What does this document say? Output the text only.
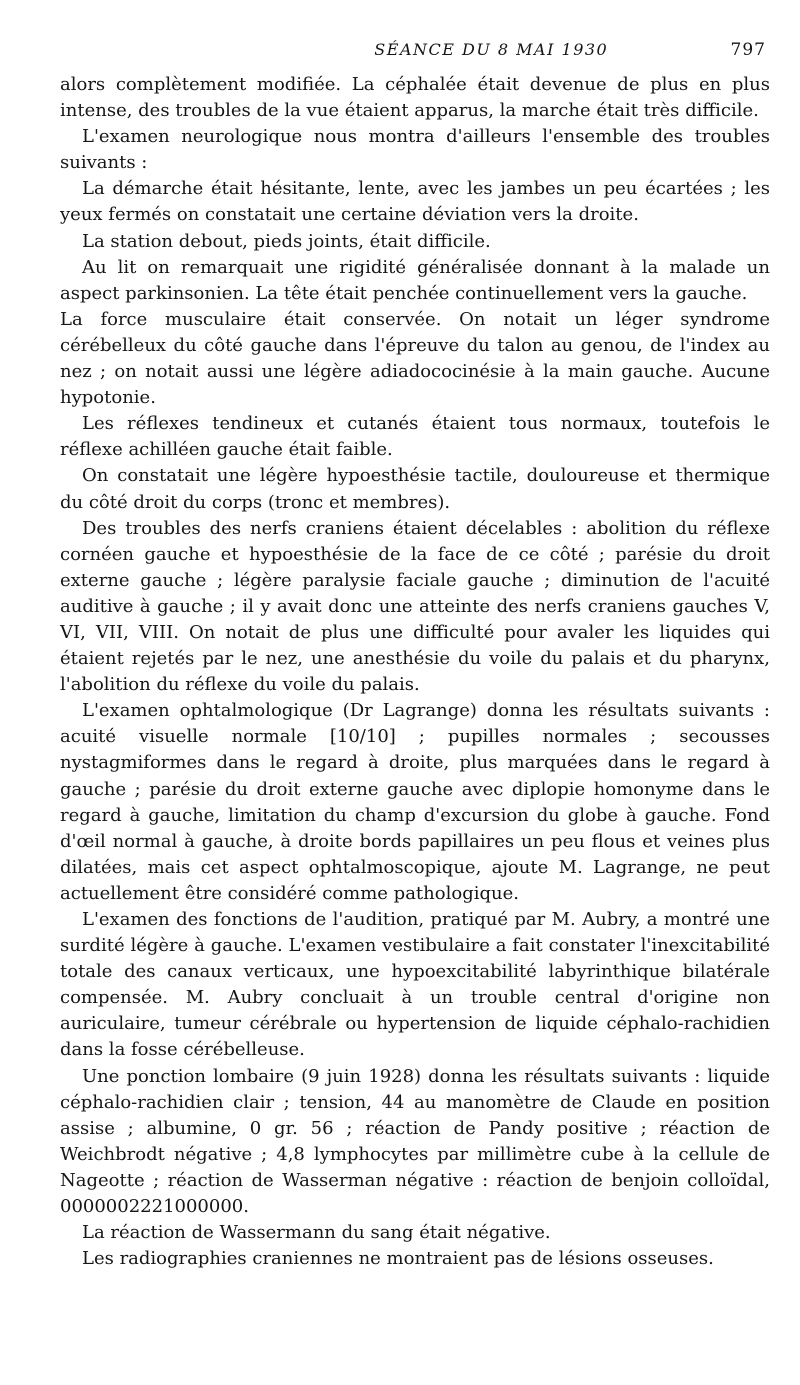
SÉANCE DU 8 MAI 1930	797

alors complètement modifiée. La céphalée était devenue de plus en plus intense, des troubles de la vue étaient apparus, la marche était très difficile.

L'examen neurologique nous montra d'ailleurs l'ensemble des troubles suivants :

La démarche était hésitante, lente, avec les jambes un peu écartées ; les yeux fermés on constatait une certaine déviation vers la droite.

La station debout, pieds joints, était difficile.

Au lit on remarquait une rigidité généralisée donnant à la malade un aspect parkinsonien. La tête était penchée continuellement vers la gauche.

La force musculaire était conservée. On notait un léger syndrome cérébelleux du côté gauche dans l'épreuve du talon au genou, de l'index au nez ; on notait aussi une légère adiadococinésie à la main gauche. Aucune hypotonie.

Les réflexes tendineux et cutanés étaient tous normaux, toutefois le réflexe achilléen gauche était faible.

On constatait une légère hypoesthésie tactile, douloureuse et thermique du côté droit du corps (tronc et membres).

Des troubles des nerfs craniens étaient décelables : abolition du réflexe cornéen gauche et hypoesthésie de la face de ce côté ; parésie du droit externe gauche ; légère paralysie faciale gauche ; diminution de l'acuité auditive à gauche ; il y avait donc une atteinte des nerfs craniens gauches V, VI, VII, VIII. On notait de plus une difficulté pour avaler les liquides qui étaient rejetés par le nez, une anesthésie du voile du palais et du pharynx, l'abolition du réflexe du voile du palais.

L'examen ophtalmologique (Dr Lagrange) donna les résultats suivants : acuité visuelle normale [10/10] ; pupilles normales ; secousses nystagmiformes dans le regard à droite, plus marquées dans le regard à gauche ; parésie du droit externe gauche avec diplopie homonyme dans le regard à gauche, limitation du champ d'excursion du globe à gauche. Fond d'œil normal à gauche, à droite bords papillaires un peu flous et veines plus dilatées, mais cet aspect ophtalmoscopique, ajoute M. Lagrange, ne peut actuellement être considéré comme pathologique.

L'examen des fonctions de l'audition, pratiqué par M. Aubry, a montré une surdité légère à gauche. L'examen vestibulaire a fait constater l'inexcitabilité totale des canaux verticaux, une hypoexcitabilité labyrinthique bilatérale compensée. M. Aubry concluait à un trouble central d'origine non auriculaire, tumeur cérébrale ou hypertension de liquide céphalo-rachidien dans la fosse cérébelleuse.

Une ponction lombaire (9 juin 1928) donna les résultats suivants : liquide céphalo-rachidien clair ; tension, 44 au manomètre de Claude en position assise ; albumine, 0 gr. 56 ; réaction de Pandy positive ; réaction de Weichbrodt négative ; 4,8 lymphocytes par millimètre cube à la cellule de Nageotte ; réaction de Wasserman négative : réaction de benjoin colloïdal, 0000002221000000.

La réaction de Wassermann du sang était négative.

Les radiographies craniennes ne montraient pas de lésions osseuses.
